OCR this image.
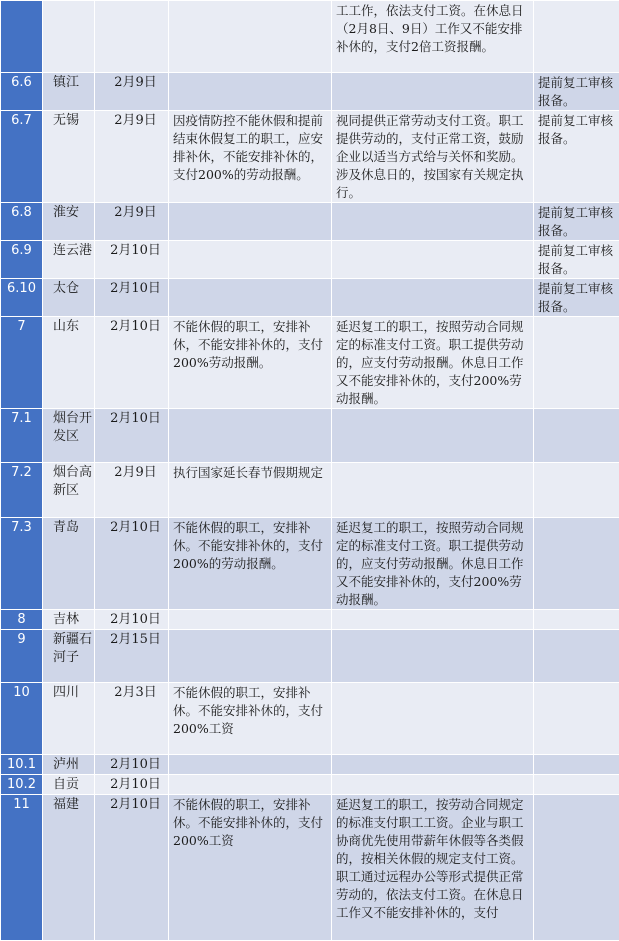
				工工作，依法支付工资。在休息日（2月8日、9日）工作又不能安排补休的，支付2倍工资报酬。	
6.6	镇江	2月9日			提前复工审核报备。
6.7	无锡	2月9日	因疫情防控不能休假和提前结束休假复工的职工，应安排补休，不能安排补休的，支付200%的劳动报酬。	视同提供正常劳动支付工资。职工提供劳动的，支付正常工资，鼓励企业以适当方式给与关怀和奖励。涉及休息日的，按国家有关规定执行。	提前复工审核报备。
6.8	淮安	2月9日			提前复工审核报备。
6.9	连云港	2月10日			提前复工审核报备。
6.10	太仓	2月10日			提前复工审核报备。
7	山东	2月10日	不能休假的职工，安排补休，不能安排补休的，支付200%劳动报酬。	延迟复工的职工，按照劳动合同规定的标准支付工资。职工提供劳动的，应支付劳动报酬。休息日工作又不能安排补休的，支付200%劳动报酬。	
7.1	烟台开发区	2月10日			
7.2	烟台高新区	2月9日	执行国家延长春节假期规定		
7.3	青岛	2月10日	不能休假的职工，安排补休。不能安排补休的，支付200%的劳动报酬。	延迟复工的职工，按照劳动合同规定的标准支付工资。职工提供劳动的，应支付劳动报酬。休息日工作又不能安排补休的，支付200%劳动报酬。	
8	吉林	2月10日			
9	新疆石河子	2月15日			
10	四川	2月3日	不能休假的职工，安排补休。不能安排补休的，支付200%工资		
10.1	泸州	2月10日			
10.2	自贡	2月10日			
11	福建	2月10日	不能休假的职工，安排补休。不能安排补休的，支付200%工资	延迟复工的职工，按劳动合同规定的标准支付职工工资。企业与职工协商优先使用带薪年休假等各类假的，按相关休假的规定支付工资。职工通过远程办公等形式提供正常劳动的，依法支付工资。在休息日工作又不能安排补休的，支付	
